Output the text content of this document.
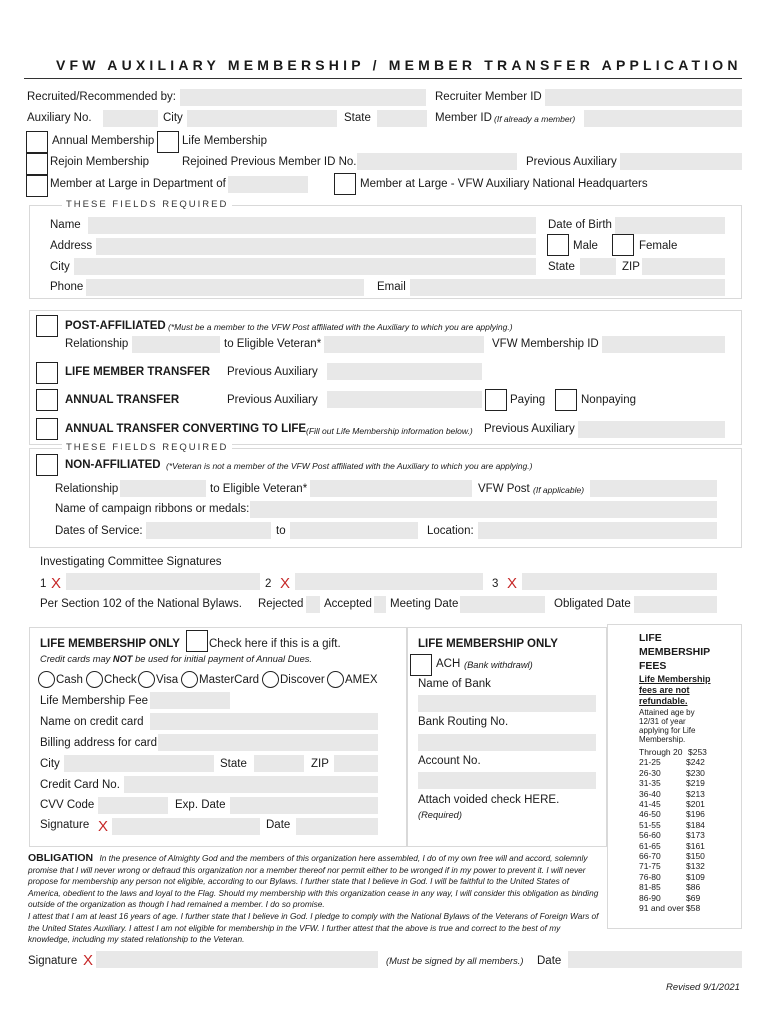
VFW AUXILIARY MEMBERSHIP / MEMBER TRANSFER APPLICATION
Recruited/Recommended by:	Recruiter Member ID
Auxiliary No.	City	State	Member ID (If already a member)
Annual Membership Life Membership
Rejoin Membership	Rejoined Previous Member ID No.	Previous Auxiliary
Member at Large in Department of	Member at Large - VFW Auxiliary National Headquarters
THESE FIELDS REQUIRED
Name	Date of Birth
Address	Male	Female
City	State	ZIP
Phone	Email
POST-AFFILIATED (*Must be a member to the VFW Post affiliated with the Auxiliary to which you are applying.)
Relationship	to Eligible Veteran*	VFW Membership ID
LIFE MEMBER TRANSFER Previous Auxiliary
ANNUAL TRANSFER	Previous Auxiliary	Paying	Nonpaying
ANNUAL TRANSFER CONVERTING TO LIFE (Fill out Life Membership information below.) Previous Auxiliary
THESE FIELDS REQUIRED
NON-AFFILIATED (*Veteran is not a member of the VFW Post affiliated with the Auxiliary to which you are applying.)
Relationship	to Eligible Veteran*	VFW Post (If applicable)
Name of campaign ribbons or medals:
Dates of Service:	to	Location:
Investigating Committee Signatures
1 X	2 X	3 X
Per Section 102 of the National Bylaws. Rejected Accepted Meeting Date	Obligated Date
LIFE MEMBERSHIP ONLY	Check here if this is a gift.
Credit cards may NOT be used for initial payment of Annual Dues.
Cash Check Visa MasterCard Discover AMEX
Life Membership Fee
Name on credit card
Billing address for card
City	State	ZIP
Credit Card No.
CVV Code	Exp. Date
Signature X	Date
LIFE MEMBERSHIP ONLY
ACH (Bank withdrawl)
Name of Bank
Bank Routing No.
Account No.
Attach voided check HERE.
(Required)
LIFE
MEMBERSHIP
FEES
Life Membership
fees are not
refundable.
Attained age by
12/31 of year
applying for Life
Membership.
Through 20 $253
21-25	$242
26-30	$230
31-35	$219
36-40	$213
41-45	$201
46-50	$196
51-55	$184
56-60	$173
61-65	$161
66-70	$150
71-75	$132
76-80	$109
81-85	$86
86-90	$69
91 and over $58
OBLIGATION In the presence of Almighty God and the members of this organization here assembled, I do of my own free will and accord, solemnly promise that I will never wrong or defraud this organization nor a member thereof nor permit either to be wronged if in my power to prevent it. I will never propose for membership any person not eligible, according to our Bylaws. I further state that I believe in God. I will be faithful to the United States of America, obedient to the laws and loyal to the Flag. Should my membership with this organization cease in any way, I will consider this obligation as binding outside of the organization as though I had remained a member. I do so promise.
I attest that I am at least 16 years of age. I further state that I believe in God. I pledge to comply with the National Bylaws of the Veterans of Foreign Wars of the United States Auxiliary. I attest I am not eligible for membership in the VFW. I further attest that the above is true and correct to the best of my knowledge, including my stated relationship to the Veteran.
Signature X	(Must be signed by all members.) Date
Revised 9/1/2021
